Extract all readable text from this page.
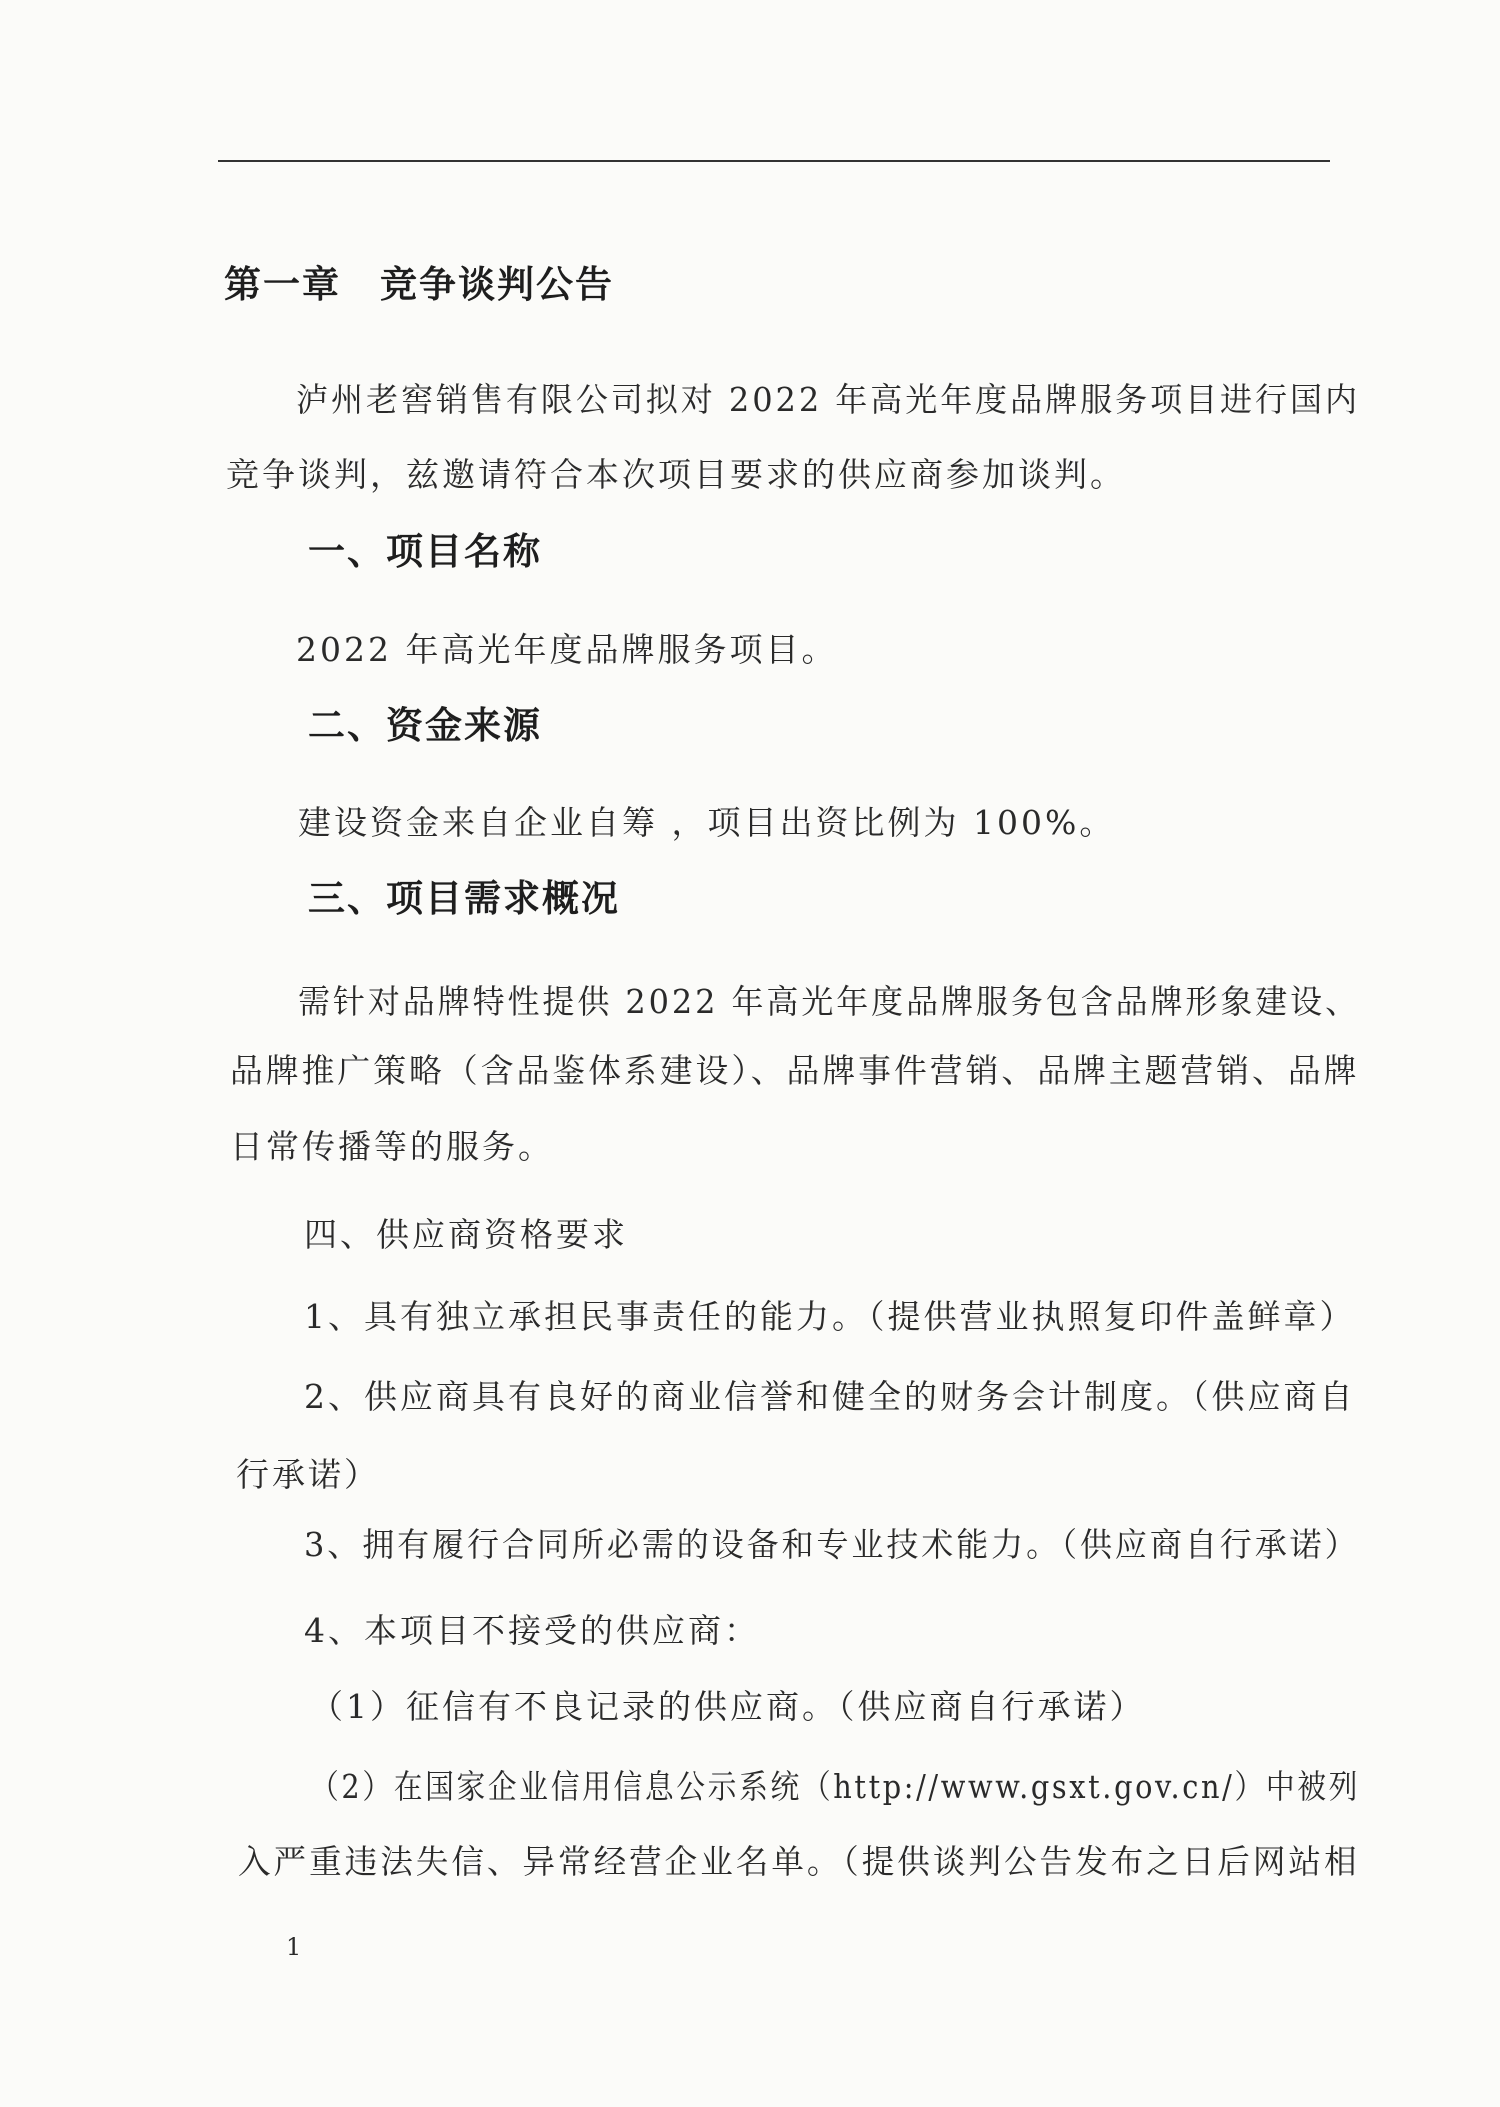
第一章　竞争谈判公告
泸州老窖销售有限公司拟对 2022 年高光年度品牌服务项目进行国内
竞争谈判，兹邀请符合本次项目要求的供应商参加谈判。
一、项目名称
2022 年高光年度品牌服务项目。
二、资金来源
建设资金来自企业自筹 ，项目出资比例为 100%。
三、项目需求概况
需针对品牌特性提供 2022 年高光年度品牌服务包含品牌形象建设、
品牌推广策略（含品鉴体系建设）、品牌事件营销、品牌主题营销、品牌
日常传播等的服务。
四、供应商资格要求
1、具有独立承担民事责任的能力。（提供营业执照复印件盖鲜章）
2、供应商具有良好的商业信誉和健全的财务会计制度。（供应商自
行承诺）
3、拥有履行合同所必需的设备和专业技术能力。（供应商自行承诺）
4、本项目不接受的供应商：
（1）征信有不良记录的供应商。（供应商自行承诺）
（2）在国家企业信用信息公示系统（http://www.gsxt.gov.cn/）中被列
入严重违法失信、异常经营企业名单。（提供谈判公告发布之日后网站相
1
